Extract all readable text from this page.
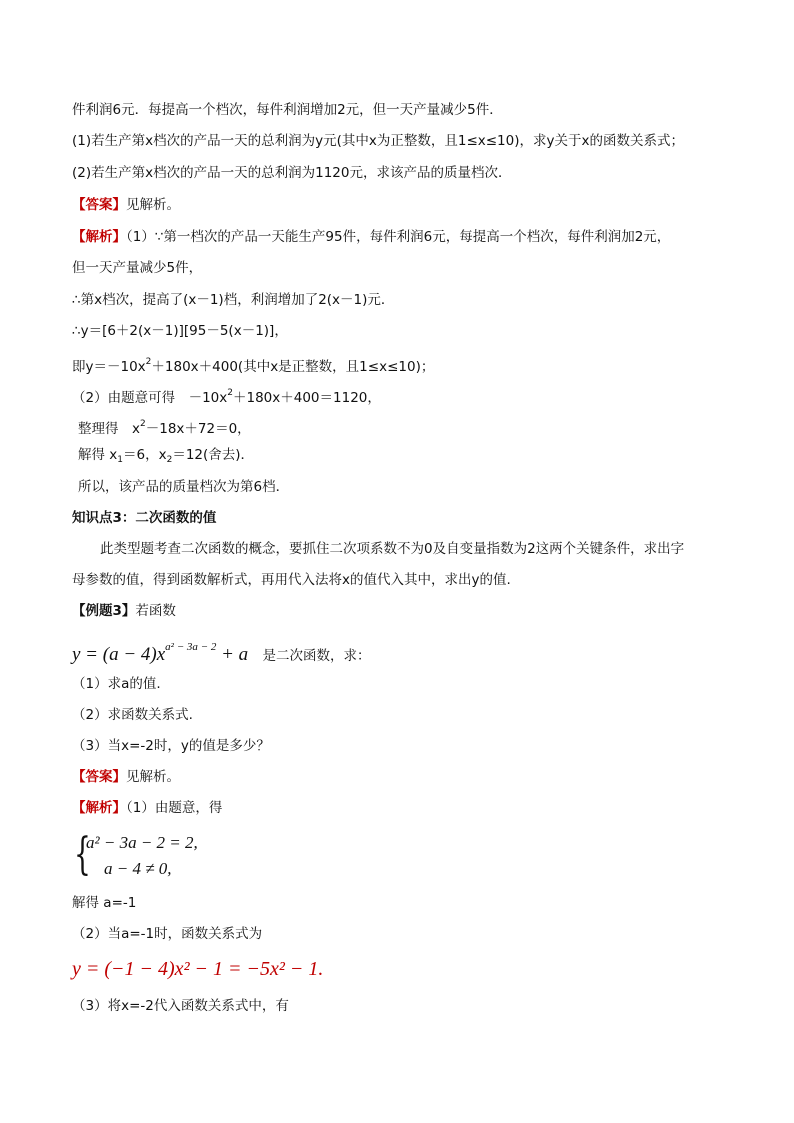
件利润6元．每提高一个档次，每件利润增加2元，但一天产量减少5件．
(1)若生产第x档次的产品一天的总利润为y元(其中x为正整数，且1≤x≤10)，求y关于x的函数关系式；
(2)若生产第x档次的产品一天的总利润为1120元，求该产品的质量档次．
【答案】见解析。
【解析】（1）∵第一档次的产品一天能生产95件，每件利润6元，每提高一个档次，每件利润加2元，
但一天产量减少5件，
∴第x档次，提高了(x－1)档，利润增加了2(x－1)元．
∴y＝[6＋2(x－1)][95－5(x－1)]，
即$y=-10x^2+180x+400$(其中x是正整数，且1≤x≤10)；
（2）由题意可得　$-10x^2+180x+400=1120$，
整理得　$x^2-18x+72=0$，
解得 $x_1=6$，$x_2=12$(舍去)．
所以，该产品的质量档次为第6档．
知识点3：二次函数的值
此类型题考查二次函数的概念，要抓住二次项系数不为0及自变量指数为2这两个关键条件，求出字
母参数的值，得到函数解析式，再用代入法将x的值代入其中，求出y的值.
【例题3】若函数
$y = (a - 4)x^{a^2 - 3a - 2} + a$ 是二次函数，求：
（1）求a的值.
（2）求函数关系式.
（3）当x=-2时，y的值是多少？
【答案】见解析。
【解析】（1）由题意，得
{
a² − 3a − 2 = 2,
a − 4 ≠ 0,
解得 a=-1
（2）当a=-1时，函数关系式为
y = (−1 − 4)x² − 1 = −5x² − 1.
（3）将x=-2代入函数关系式中，有
